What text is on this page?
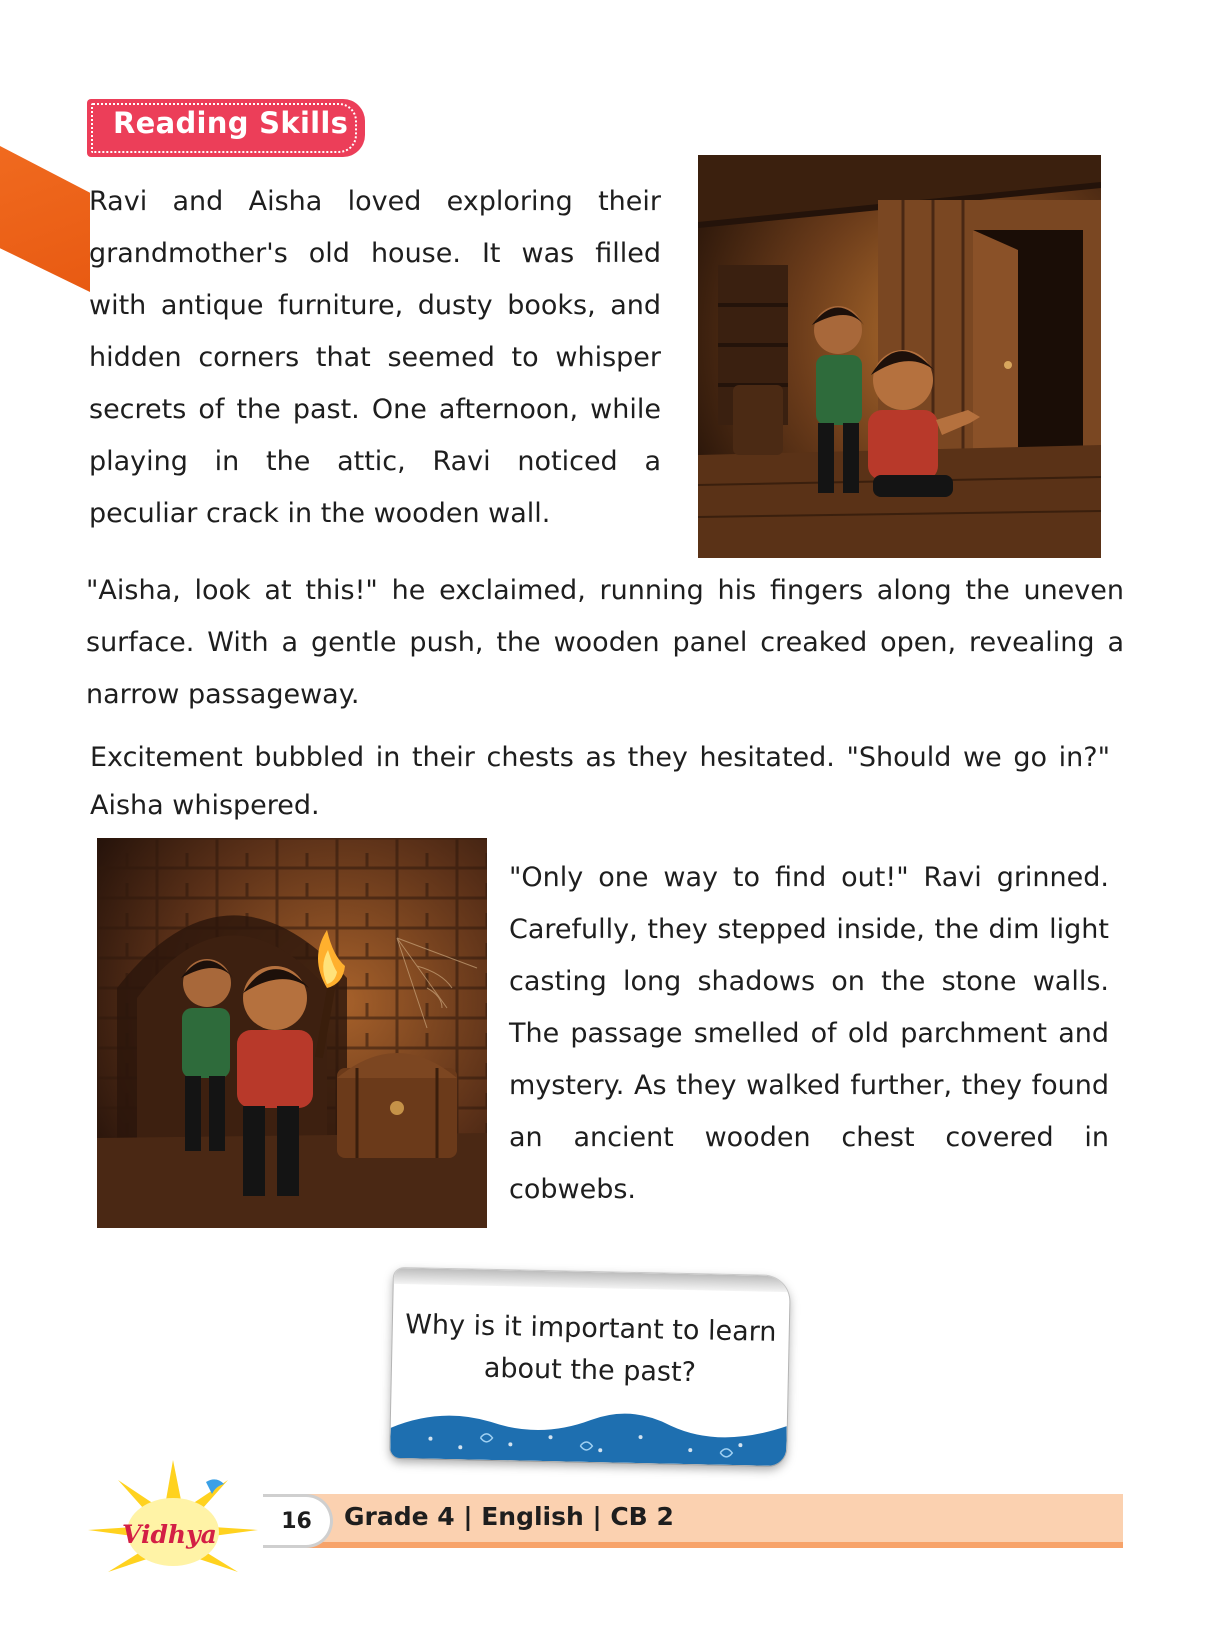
Reading Skills

Ravi and Aisha loved exploring their grandmother's old house. It was filled with antique furniture, dusty books, and hidden corners that seemed to whisper secrets of the past. One afternoon, while playing in the attic, Ravi noticed a peculiar crack in the wooden wall.

"Aisha, look at this!" he exclaimed, running his fingers along the uneven surface. With a gentle push, the wooden panel creaked open, revealing a narrow passageway.

Excitement bubbled in their chests as they hesitated. "Should we go in?" Aisha whispered.

"Only one way to find out!" Ravi grinned. Carefully, they stepped inside, the dim light casting long shadows on the stone walls. The passage smelled of old parchment and mystery. As they walked further, they found an ancient wooden chest covered in cobwebs.

Why is it important to learn about the past?

16	Grade 4 | English | CB 2
Vidhya
